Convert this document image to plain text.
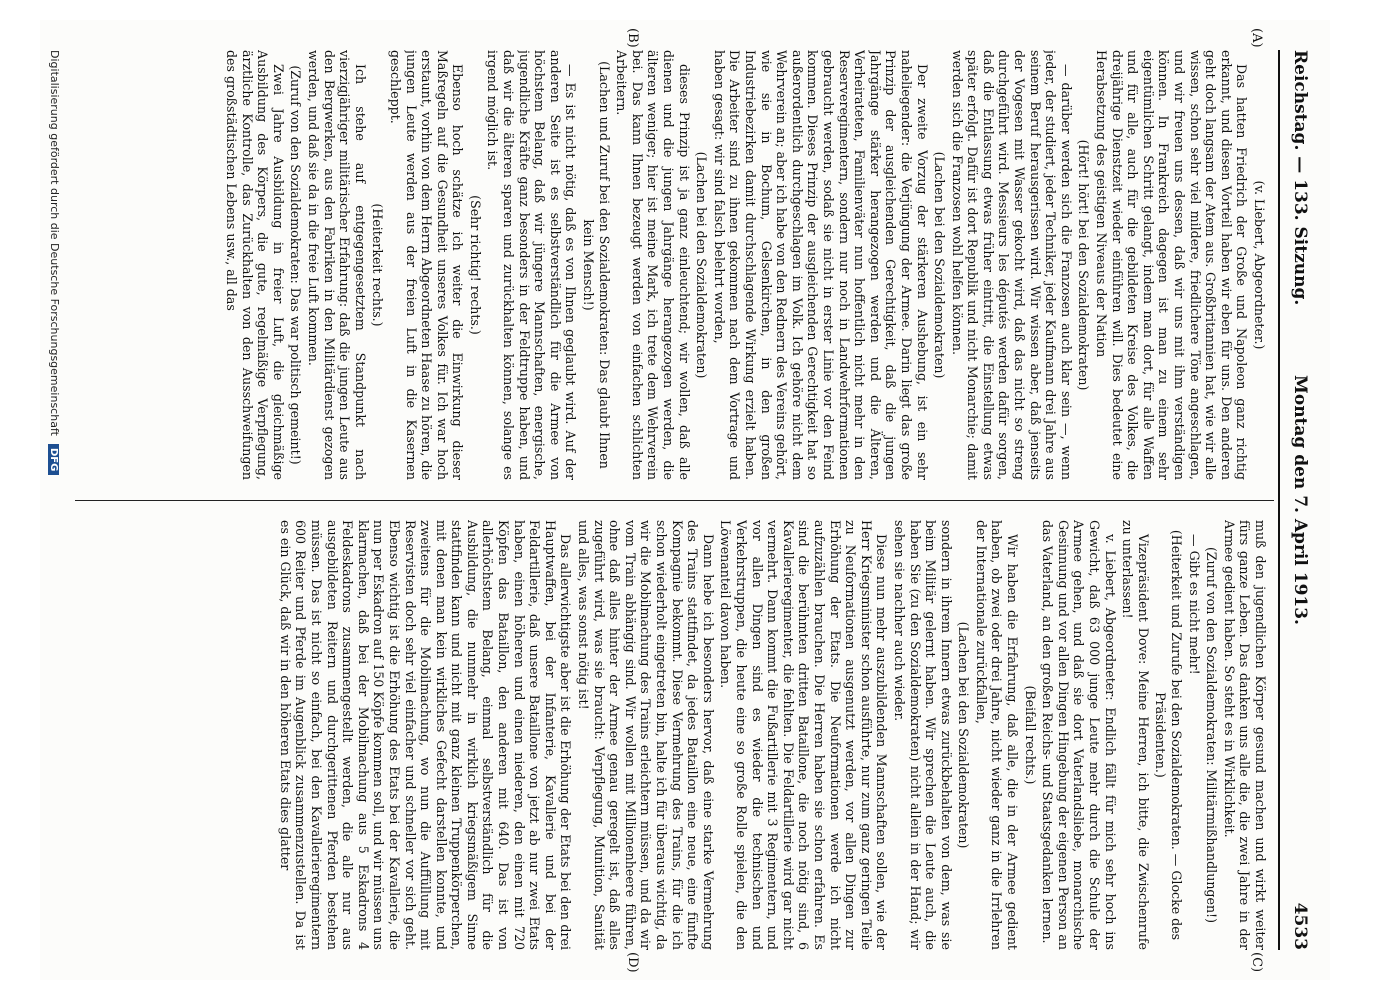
Reichstag. — 133. Sitzung.
Montag den 7. April 1913.
4533
(A)
(B)
(C)
(D)

(v. Liebert, Abgeordneter.)

Das hatten Friedrich der Große und Napoleon ganz richtig erkannt, und diesen Vorteil haben wir eben für uns. Den anderen geht doch langsam der Atem aus. Großbritannien hat, wie wir alle wissen, schon sehr viel mildere, friedlichere Töne angeschlagen, und wir freuen uns dessen, daß wir uns mit ihm verständigen können. In Frankreich dagegen ist man zu einem sehr eigentümlichen Schritt gelangt, indem man dort, für alle Waffen und für alle, auch für die gebildeten Kreise des Volkes, die dreijährige Dienstzeit wieder einführen will. Dies bedeutet eine Herabsetzung des geistigen Niveaus der Nation

(Hört! hört! bei den Sozialdemokraten)

— darüber werden sich die Franzosen auch klar sein —, wenn jeder, der studiert, jeder Techniker, jeder Kaufmann drei Jahre aus seinem Beruf herausgerissen wird. Wir wissen aber, daß jenseits der Vogesen mit Wasser gekocht wird, daß das nicht so streng durchgeführt wird. Messieurs les députés werden dafür sorgen, daß die Entlassung etwas früher eintritt, die Einstellung etwas später erfolgt. Dafür ist dort Republik und nicht Monarchie; damit werden sich die Franzosen wohl helfen können.

(Lachen bei den Sozialdemokraten)

Der zweite Vorzug der stärkeren Aushebung, ist ein sehr naheliegender: die Verjüngung der Armee. Darin liegt das große Prinzip der ausgleichenden Gerechtigkeit, daß die jungen Jahrgänge stärker herangezogen werden und die Älteren, Verheirateten, Familienväter nun hoffentlich nicht mehr in den Reserveregimentern, sondern nur noch in Landwehrformationen gebraucht werden, sodaß sie nicht in erster Linie vor den Feind kommen. Dieses Prinzip der ausgleichenden Gerechtigkeit hat so außerordentlich durchgeschlagen im Volk. Ich gehöre nicht dem Wehrverein an; aber ich habe von den Rednern des Vereins gehört, wie sie in Bochum, Gelsenkirchen, in den großen Industriebezirken damit durchschlagende Wirkung erzielt haben. Die Arbeiter sind zu ihnen gekommen nach dem Vortrage und haben gesagt: wir sind falsch belehrt worden,

(Lachen bei den Sozialdemokraten)

dieses Prinzip ist ja ganz einleuchtend; wir wollen, daß alle dienen und die jungen Jahrgänge herangezogen werden, die älteren weniger; hier ist meine Mark, ich trete dem Wehrverein bei. Das kann Ihnen bezeugt werden von einfachen schlichten Arbeitern.

(Lachen und Zuruf bei den Sozialdemokraten: Das glaubt Ihnen kein Mensch!)

— Es ist nicht nötig, daß es von Ihnen geglaubt wird. Auf der anderen Seite ist es selbstverständlich für die Armee von höchstem Belang, daß wir jüngere Mannschaften, energische, jugendliche Kräfte ganz besonders in der Feldtruppe haben, und daß wir die älteren sparen und zurückhalten können, solange es irgend möglich ist.

(Sehr richtig! rechts.)

Ebenso hoch schätze ich weiter die Einwirkung dieser Maßregeln auf die Gesundheit unseres Volkes für. Ich war hoch erstaunt, vorhin von dem Herrn Abgeordneten Haase zu hören, die jungen Leute werden aus der freien Luft in die Kasernen geschleppt.

(Heiterkeit rechts.)

Ich stehe auf entgegengesetztem Standpunkt nach vierzigjähriger militärischer Erfahrung: daß die jungen Leute aus den Bergwerken, aus den Fabriken in den Militärdienst gezogen werden, und daß sie da in die freie Luft kommen.

(Zuruf von den Sozialdemokraten: Das war politisch gemeint!)

Zwei Jahre Ausbildung in freier Luft, die gleichmäßige Ausbildung des Körpers, die gute, regelmäßige Verpflegung, ärztliche Kontrolle, das Zurückhalten von den Ausschweifungen des großstädtischen Lebens usw., all das

muß den jugendlichen Körper gesund machen und wirkt weiter fürs ganze Leben. Das danken uns alle die, die zwei Jahre in der Armee gedient haben. So steht es in Wirklichkeit.

(Zuruf von den Sozialdemokraten: Militärmißhandlungen!)

— Gibt es nicht mehr!

(Heiterkeit und Zurufe bei den Sozialdemokraten. — Glocke des Präsidenten.)

Vizepräsident Dove: Meine Herren, ich bitte, die Zwischenrufe zu unterlassen!

v. Liebert, Abgeordneter: Endlich fällt für mich sehr hoch ins Gewicht, daß 63 000 junge Leute mehr durch die Schule der Armee gehen, und daß sie dort Vaterlandsliebe, monarchische Gesinnung und vor allen Dingen Hingebung der eigenen Person an das Vaterland, an den großen Reichs- und Staatsgedanken lernen.

(Beifall rechts.)

Wir haben die Erfahrung, daß alle, die in der Armee gedient haben, ob zwei oder drei Jahre, nicht wieder ganz in die Irrlehren der Internationale zurückfallen,

(Lachen bei den Sozialdemokraten)

sondern in ihrem Innern etwas zurückbehalten von dem, was sie beim Militär gelernt haben. Wir sprechen die Leute auch, die haben Sie (zu den Sozialdemokraten) nicht allein in der Hand; wir sehen sie nachher auch wieder.

Diese nun mehr auszubildenden Mannschaften sollen, wie der Herr Kriegsminister schon ausführte, nur zum ganz geringen Teile zu Neuformationen ausgenutzt werden, vor allen Dingen zur Erhöhung der Etats. Die Neuformationen werde ich nicht aufzuzählen brauchen. Die Herren haben sie schon erfahren. Es sind die berühmten dritten Bataillone, die noch nötig sind, 6 Kavallerieregimenter, die fehlten. Die Feldartillerie wird gar nicht vermehrt. Dann kommt die Fußartillerie mit 3 Regimentern, und vor allen Dingen sind es wieder die technischen und Verkehrstruppen, die heute eine so große Rolle spielen, die den Löwenanteil davon haben.

Dann hebe ich besonders hervor, daß eine starke Vermehrung des Trains stattfindet, da jedes Bataillon eine neue, eine fünfte Kompagnie bekommt. Diese Vermehrung des Trains, für die ich schon wiederholt eingetreten bin, halte ich für überaus wichtig, da wir die Mobilmachung des Trains erleichtern müssen, und da wir vom Train abhängig sind. Wir wollen mit Millionenheere führen, ohne daß alles hinter der Armee genau geregelt ist, daß alles zugeführt wird, was sie braucht: Verpflegung, Munition, Sanität und alles, was sonst nötig ist!

Das allerwichtigste aber ist die Erhöhung der Etats bei den drei Hauptwaffen, bei der Infanterie, Kavallerie und bei der Feldartillerie, daß unsere Bataillone von jetzt ab nur zwei Etats haben, einen höheren und einen niederen, den einen mit 720 Köpfen das Bataillon, den anderen mit 640. Das ist von allerhöchstem Belang, einmal selbstverständlich für die Ausbildung, die nunmehr in wirklich kriegsmäßigem Sinne stattfinden kann und nicht mit ganz kleinen Truppenkörperchen, mit denen man kein wirkliches Gefecht darstellen konnte, und zweitens für die Mobilmachung, wo nun die Auffüllung mit Reservisten doch sehr viel einfacher und schneller vor sich geht. Ebenso wichtig ist die Erhöhung des Etats bei der Kavallerie, die nun per Eskadron auf 150 Köpfe kommen soll, und wir müssen uns klarmachen, daß bei der Mobilmachung aus 5 Eskadrons 4 Feldeskadrons zusammengestellt werden, die alle nur aus ausgebildeten Reitern und durchgerittenen Pferden bestehen müssen. Das ist nicht so einfach, bei den Kavallerieregimentern 600 Reiter und Pferde im Augenblick zusammenzustellen. Da ist es ein Glück, daß wir in den höheren Etats dies glatter

Digitalisierung gefördert durch die Deutsche ForschungsgemeinschaftDFG
